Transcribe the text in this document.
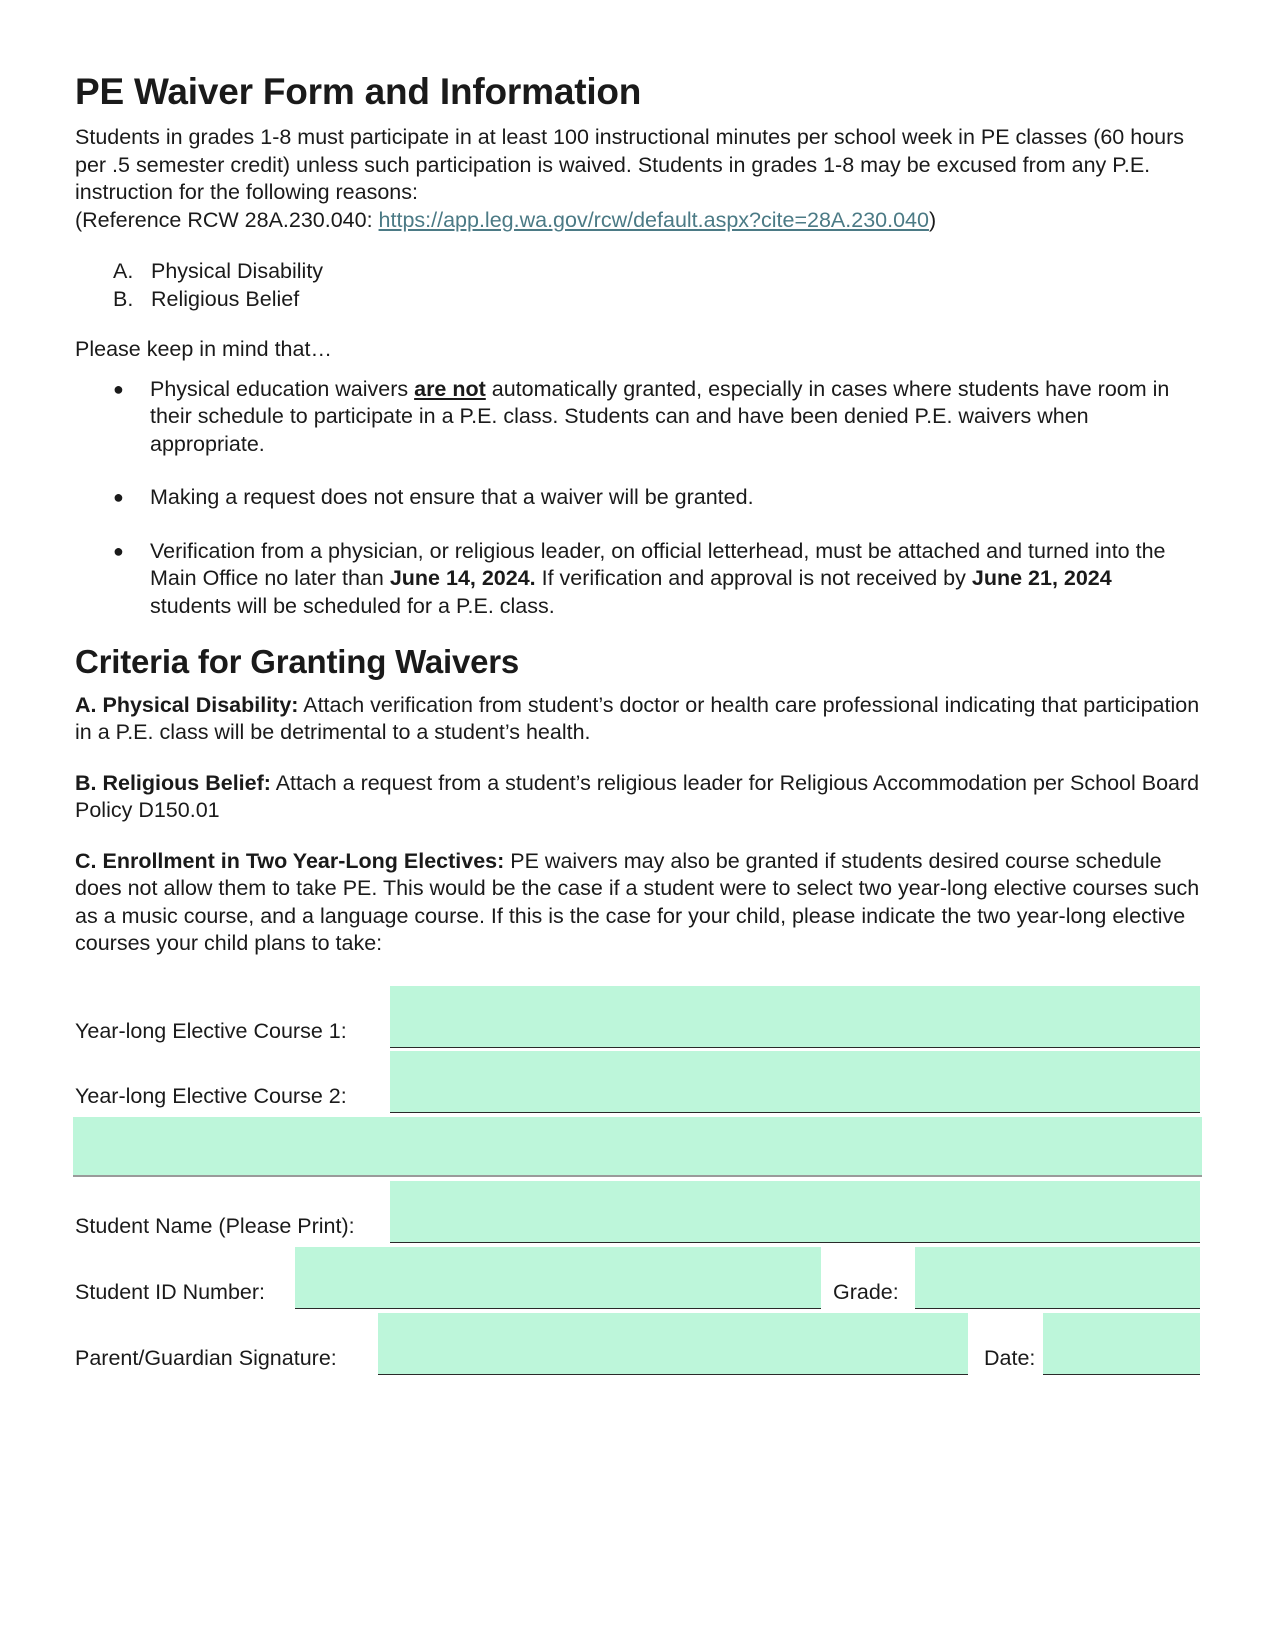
PE Waiver Form and Information

Students in grades 1-8 must participate in at least 100 instructional minutes per school week in PE classes (60 hours per .5 semester credit) unless such participation is waived. Students in grades 1-8 may be excused from any P.E. instruction for the following reasons:
(Reference RCW 28A.230.040: https://app.leg.wa.gov/rcw/default.aspx?cite=28A.230.040)

A. Physical Disability
B. Religious Belief

Please keep in mind that…

●	Physical education waivers are not automatically granted, especially in cases where students have room in their schedule to participate in a P.E. class. Students can and have been denied P.E. waivers when appropriate.
●	Making a request does not ensure that a waiver will be granted.
●	Verification from a physician, or religious leader, on official letterhead, must be attached and turned into the Main Office no later than June 14, 2024. If verification and approval is not received by June 21, 2024 students will be scheduled for a P.E. class.
Criteria for Granting Waivers

A. Physical Disability: Attach verification from student’s doctor or health care professional indicating that participation in a P.E. class will be detrimental to a student’s health.

B. Religious Belief: Attach a request from a student’s religious leader for Religious Accommodation per School Board Policy D150.01

C. Enrollment in Two Year-Long Electives: PE waivers may also be granted if students desired course schedule does not allow them to take PE. This would be the case if a student were to select two year-long elective courses such as a music course, and a language course. If this is the case for your child, please indicate the two year-long elective courses your child plans to take:

Year-long Elective Course 1:
Year-long Elective Course 2:
Student Name (Please Print):
Student ID Number:	Grade:
Parent/Guardian Signature:	Date:
